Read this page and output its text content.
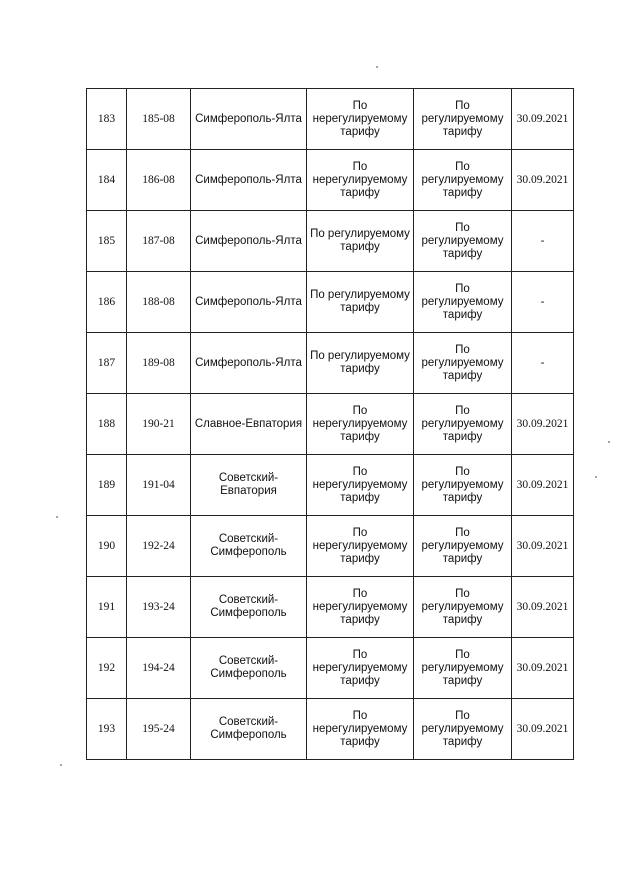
183	185-08	Симферополь-Ялта	По нерегулируемому тарифу	По регулируемому тарифу	30.09.2021
184	186-08	Симферополь-Ялта	По нерегулируемому тарифу	По регулируемому тарифу	30.09.2021
185	187-08	Симферополь-Ялта	По регулируемому тарифу	По регулируемому тарифу	-
186	188-08	Симферополь-Ялта	По регулируемому тарифу	По регулируемому тарифу	-
187	189-08	Симферополь-Ялта	По регулируемому тарифу	По регулируемому тарифу	-
188	190-21	Славное-Евпатория	По нерегулируемому тарифу	По регулируемому тарифу	30.09.2021
189	191-04	Советский-Евпатория	По нерегулируемому тарифу	По регулируемому тарифу	30.09.2021
190	192-24	Советский-Симферополь	По нерегулируемому тарифу	По регулируемому тарифу	30.09.2021
191	193-24	Советский-Симферополь	По нерегулируемому тарифу	По регулируемому тарифу	30.09.2021
192	194-24	Советский-Симферополь	По нерегулируемому тарифу	По регулируемому тарифу	30.09.2021
193	195-24	Советский-Симферополь	По нерегулируемому тарифу	По регулируемому тарифу	30.09.2021
